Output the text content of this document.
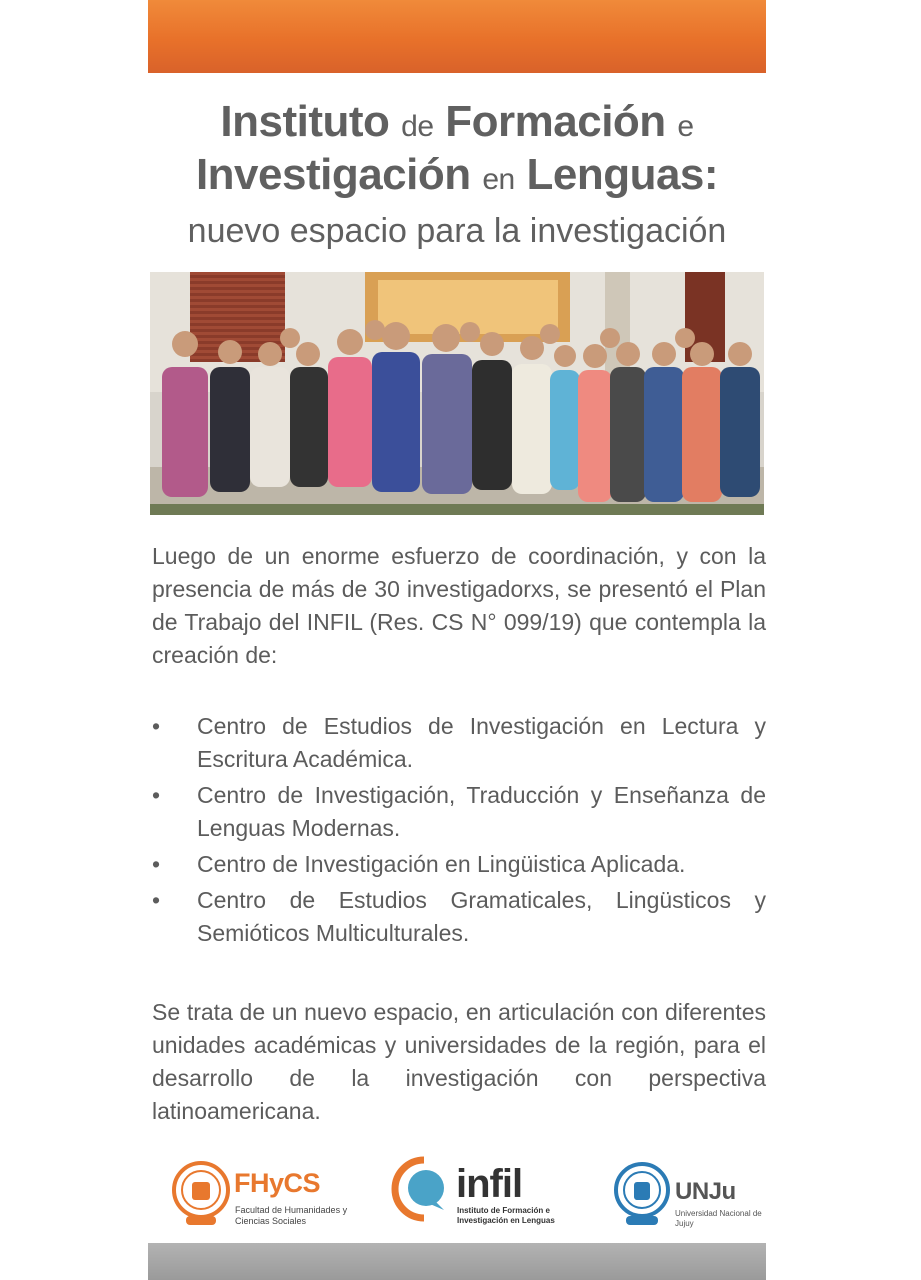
Instituto de Formación e
Investigación en Lenguas:
nuevo espacio para la investigación
Luego de un enorme esfuerzo de coordinación, y con la presencia de más de 30 investigadorxs, se presentó el Plan de Trabajo del INFIL (Res. CS N° 099/19) que contempla la creación de:
• Centro de Estudios de Investigación en Lectura y Escritura Académica.
• Centro de Investigación, Traducción y Enseñanza de Lenguas Modernas.
• Centro de Investigación en Lingüistica Aplicada.
• Centro de Estudios Gramaticales, Lingüsticos y Semióticos Multiculturales.
Se trata de un nuevo espacio, en articulación con diferentes unidades académicas y universidades de la región, para el desarrollo de la investigación con perspectiva latinoamericana.
FHyCS
Facultad de Humanidades y Ciencias Sociales
infil
Instituto de Formación e Investigación en Lenguas
UNJu
Universidad Nacional de Jujuy
